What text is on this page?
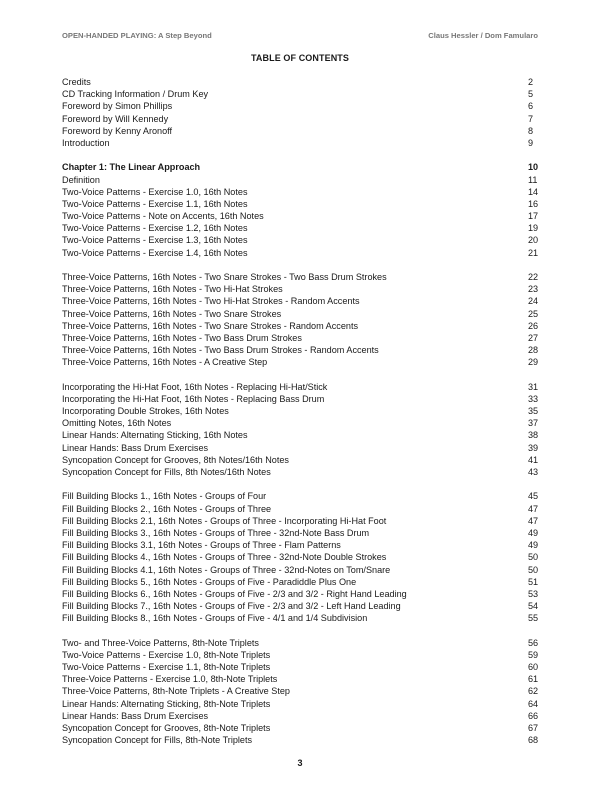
OPEN-HANDED PLAYING: A Step Beyond	Claus Hessler / Dom Famularo
TABLE OF CONTENTS
Credits	2
CD Tracking Information / Drum Key	5
Foreword by Simon Phillips	6
Foreword by Will Kennedy	7
Foreword by Kenny Aronoff	8
Introduction	9
Chapter 1: The Linear Approach	10
Definition	11
Two-Voice Patterns - Exercise 1.0, 16th Notes	14
Two-Voice Patterns - Exercise 1.1, 16th Notes	16
Two-Voice Patterns - Note on Accents, 16th Notes	17
Two-Voice Patterns - Exercise 1.2, 16th Notes	19
Two-Voice Patterns - Exercise 1.3, 16th Notes	20
Two-Voice Patterns - Exercise 1.4, 16th Notes	21
Three-Voice Patterns, 16th Notes - Two Snare Strokes - Two Bass Drum Strokes	22
Three-Voice Patterns, 16th Notes - Two Hi-Hat Strokes	23
Three-Voice Patterns, 16th Notes - Two Hi-Hat Strokes - Random Accents	24
Three-Voice Patterns, 16th Notes - Two Snare Strokes	25
Three-Voice Patterns, 16th Notes - Two Snare Strokes - Random Accents	26
Three-Voice Patterns, 16th Notes - Two Bass Drum Strokes	27
Three-Voice Patterns, 16th Notes - Two Bass Drum Strokes - Random Accents	28
Three-Voice Patterns, 16th Notes - A Creative Step	29
Incorporating the Hi-Hat Foot, 16th Notes - Replacing Hi-Hat/Stick	31
Incorporating the Hi-Hat Foot, 16th Notes - Replacing Bass Drum	33
Incorporating Double Strokes, 16th Notes	35
Omitting Notes, 16th Notes	37
Linear Hands: Alternating Sticking, 16th Notes	38
Linear Hands: Bass Drum Exercises	39
Syncopation Concept for Grooves, 8th Notes/16th Notes	41
Syncopation Concept for Fills, 8th Notes/16th Notes	43
Fill Building Blocks 1., 16th Notes - Groups of Four	45
Fill Building Blocks 2., 16th Notes - Groups of Three	47
Fill Building Blocks 2.1, 16th Notes - Groups of Three - Incorporating Hi-Hat Foot	47
Fill Building Blocks 3., 16th Notes - Groups of Three - 32nd-Note Bass Drum	49
Fill Building Blocks 3.1, 16th Notes - Groups of Three - Flam Patterns	49
Fill Building Blocks 4., 16th Notes - Groups of Three - 32nd-Note Double Strokes	50
Fill Building Blocks 4.1, 16th Notes - Groups of Three - 32nd-Notes on Tom/Snare	50
Fill Building Blocks 5., 16th Notes - Groups of Five - Paradiddle Plus One	51
Fill Building Blocks 6., 16th Notes - Groups of Five - 2/3 and 3/2 - Right Hand Leading	53
Fill Building Blocks 7., 16th Notes - Groups of Five - 2/3 and 3/2 - Left Hand Leading	54
Fill Building Blocks 8., 16th Notes - Groups of Five - 4/1 and 1/4 Subdivision	55
Two- and Three-Voice Patterns, 8th-Note Triplets	56
Two-Voice Patterns - Exercise 1.0, 8th-Note Triplets	59
Two-Voice Patterns - Exercise 1.1, 8th-Note Triplets	60
Three-Voice Patterns - Exercise 1.0, 8th-Note Triplets	61
Three-Voice Patterns, 8th-Note Triplets - A Creative Step	62
Linear Hands: Alternating Sticking, 8th-Note Triplets	64
Linear Hands: Bass Drum Exercises	66
Syncopation Concept for Grooves, 8th-Note Triplets	67
Syncopation Concept for Fills, 8th-Note Triplets	68
3
